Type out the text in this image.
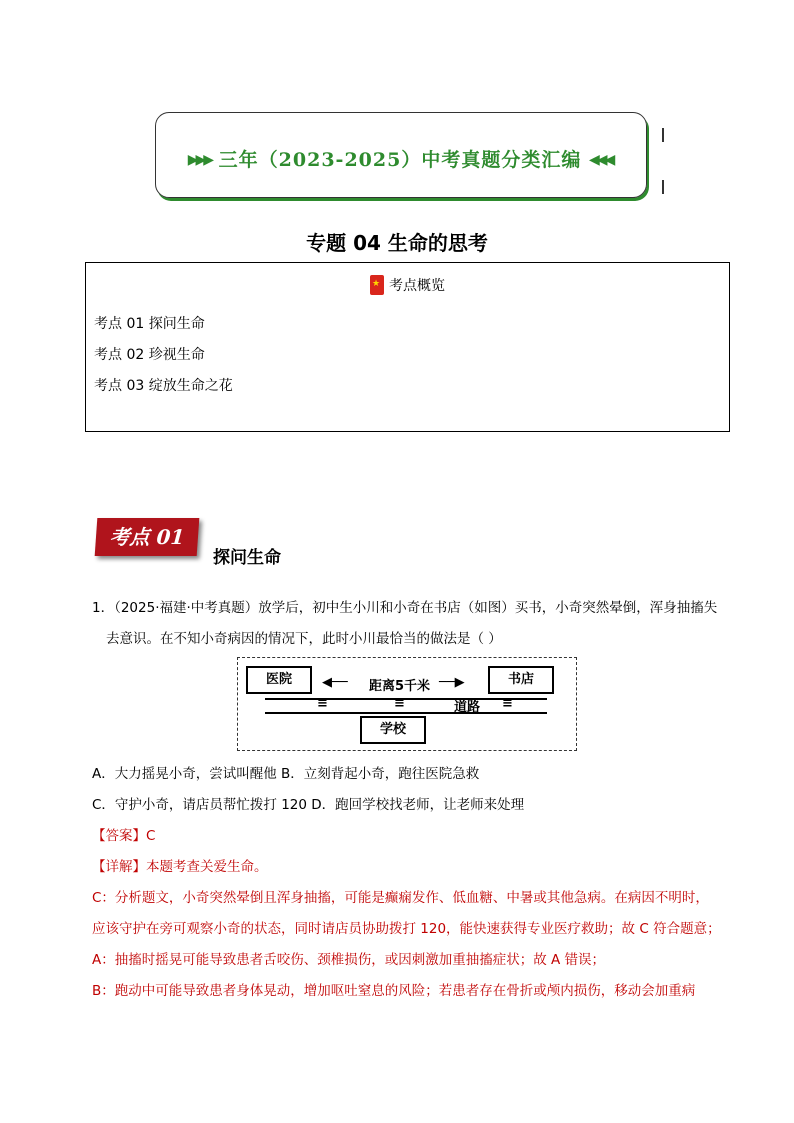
▶▶▶ 三年（2023-2025）中考真题分类汇编 ◀◀◀
专题 04 生命的思考
★考点概览
考点 01 探问生命
考点 02 珍视生命
考点 03 绽放生命之花
考点 01
探问生命
1．（2025·福建·中考真题）放学后，初中生小川和小奇在书店（如图）买书，小奇突然晕倒，浑身抽搐失
去意识。在不知小奇病因的情况下，此时小川最恰当的做法是（ ）
医院	书店
◀── 距离5千米 ──▶
≡	≡	道路 ≡
学校
A．大力摇晃小奇，尝试叫醒他 B．立刻背起小奇，跑往医院急救
C．守护小奇，请店员帮忙拨打 120 D．跑回学校找老师，让老师来处理
【答案】C
【详解】本题考查关爱生命。
C：分析题文，小奇突然晕倒且浑身抽搐，可能是癫痫发作、低血糖、中暑或其他急病。在病因不明时，
应该守护在旁可观察小奇的状态，同时请店员协助拨打 120，能快速获得专业医疗救助；故 C 符合题意；
A：抽搐时摇晃可能导致患者舌咬伤、颈椎损伤，或因刺激加重抽搐症状；故 A 错误；
B：跑动中可能导致患者身体晃动，增加呕吐窒息的风险；若患者存在骨折或颅内损伤，移动会加重病
